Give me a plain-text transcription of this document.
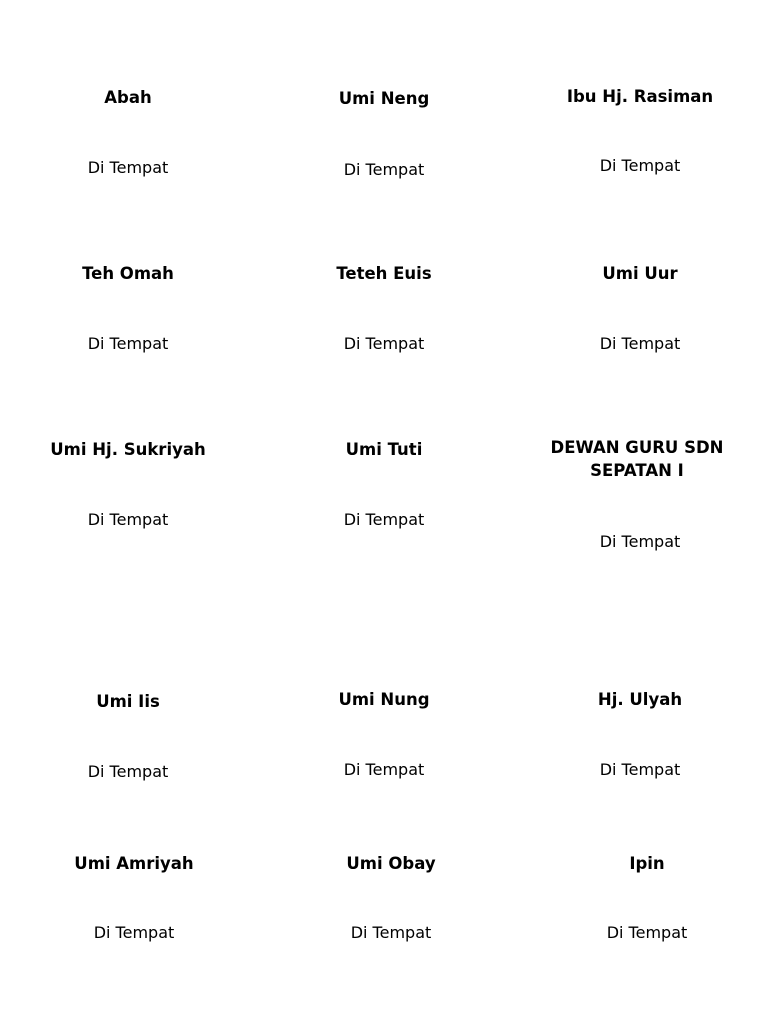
Abah
Di Tempat
Umi Neng
Di Tempat
Ibu Hj. Rasiman
Di Tempat
Teh Omah
Di Tempat
Teteh Euis
Di Tempat
Umi Uur
Di Tempat
Umi Hj. Sukriyah
Di Tempat
Umi Tuti
Di Tempat
DEWAN GURU SDN SEPATAN I
Di Tempat
Umi Iis
Di Tempat
Umi Nung
Di Tempat
Hj. Ulyah
Di Tempat
Umi Amriyah
Di Tempat
Umi Obay
Di Tempat
Ipin
Di Tempat
